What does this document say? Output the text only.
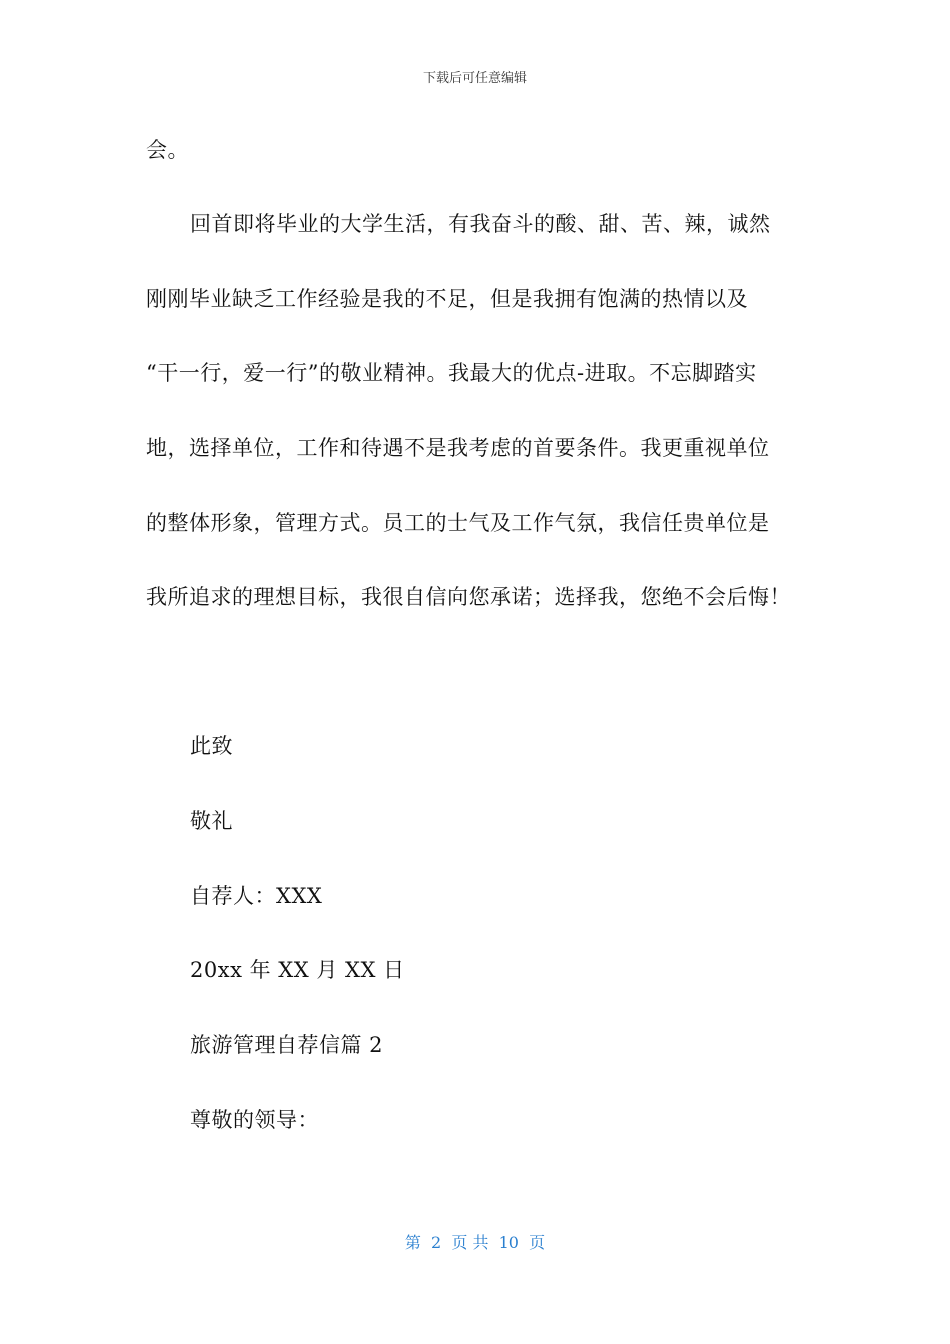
下载后可任意编辑
会。
回首即将毕业的大学生活，有我奋斗的酸、甜、苦、辣，诚然
刚刚毕业缺乏工作经验是我的不足，但是我拥有饱满的热情以及
“干一行，爱一行”的敬业精神。我最大的优点-进取。不忘脚踏实
地，选择单位，工作和待遇不是我考虑的首要条件。我更重视单位
的整体形象，管理方式。员工的士气及工作气氛，我信任贵单位是
我所追求的理想目标，我很自信向您承诺；选择我，您绝不会后悔！
此致
敬礼
自荐人：XXX
20xx 年 XX 月 XX 日
旅游管理自荐信篇 2
尊敬的领导：
第  2  页 共  10  页
